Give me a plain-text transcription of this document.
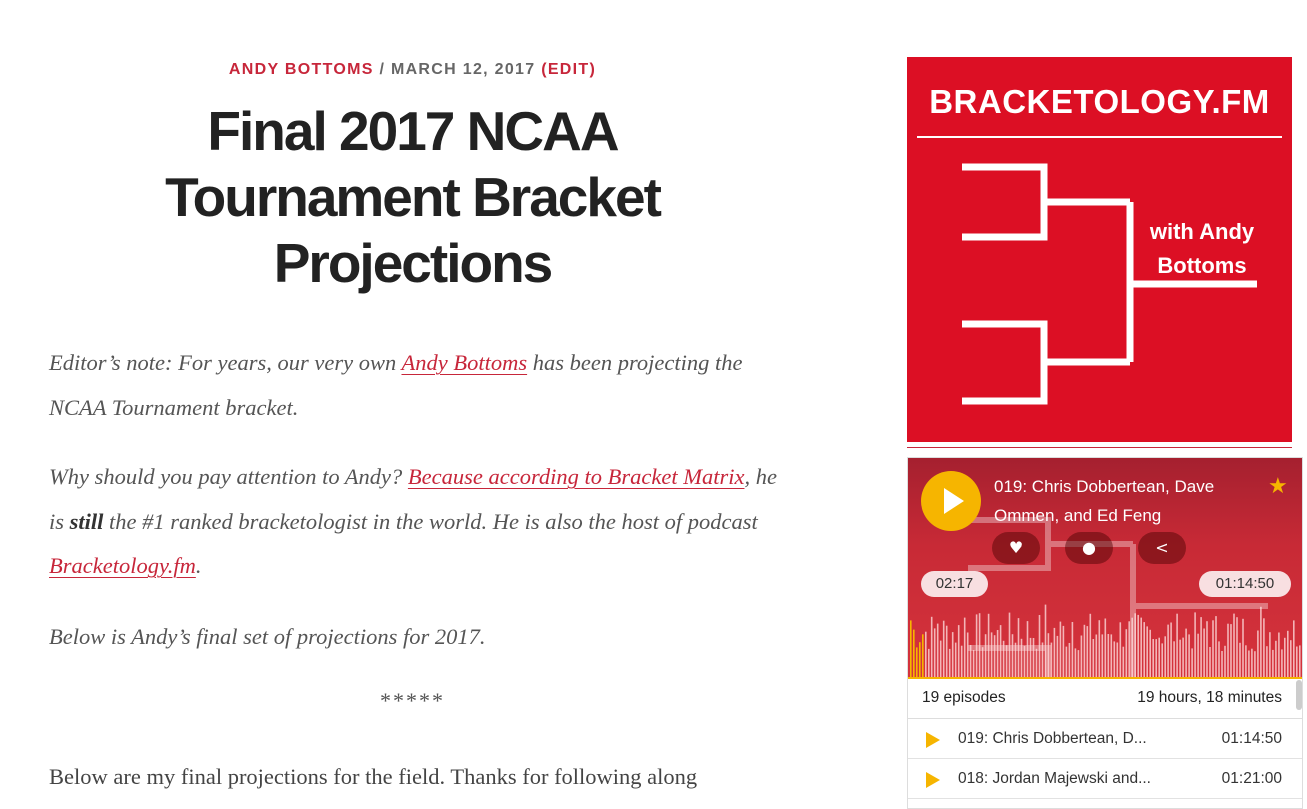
ANDY BOTTOMS / MARCH 12, 2017 (EDIT)
Final 2017 NCAA Tournament Bracket Projections

Editor’s note: For years, our very own Andy Bottoms has been projecting the NCAA Tournament bracket.

Why should you pay attention to Andy? Because according to Bracket Matrix, he is still the #1 ranked bracketologist in the world. He is also the host of podcast Bracketology.fm.

Below is Andy’s final set of projections for 2017.

*****

Below are my final projections for the field. Thanks for following along

BRACKETOLOGY.FM
with Andy Bottoms
019: Chris Dobbertean, Dave Ommen, and Ed Feng
★
♥	●	<
02:17	01:14:50
19 episodes	19 hours, 18 minutes
019: Chris Dobbertean, D...	01:14:50
018: Jordan Majewski and...	01:21:00
